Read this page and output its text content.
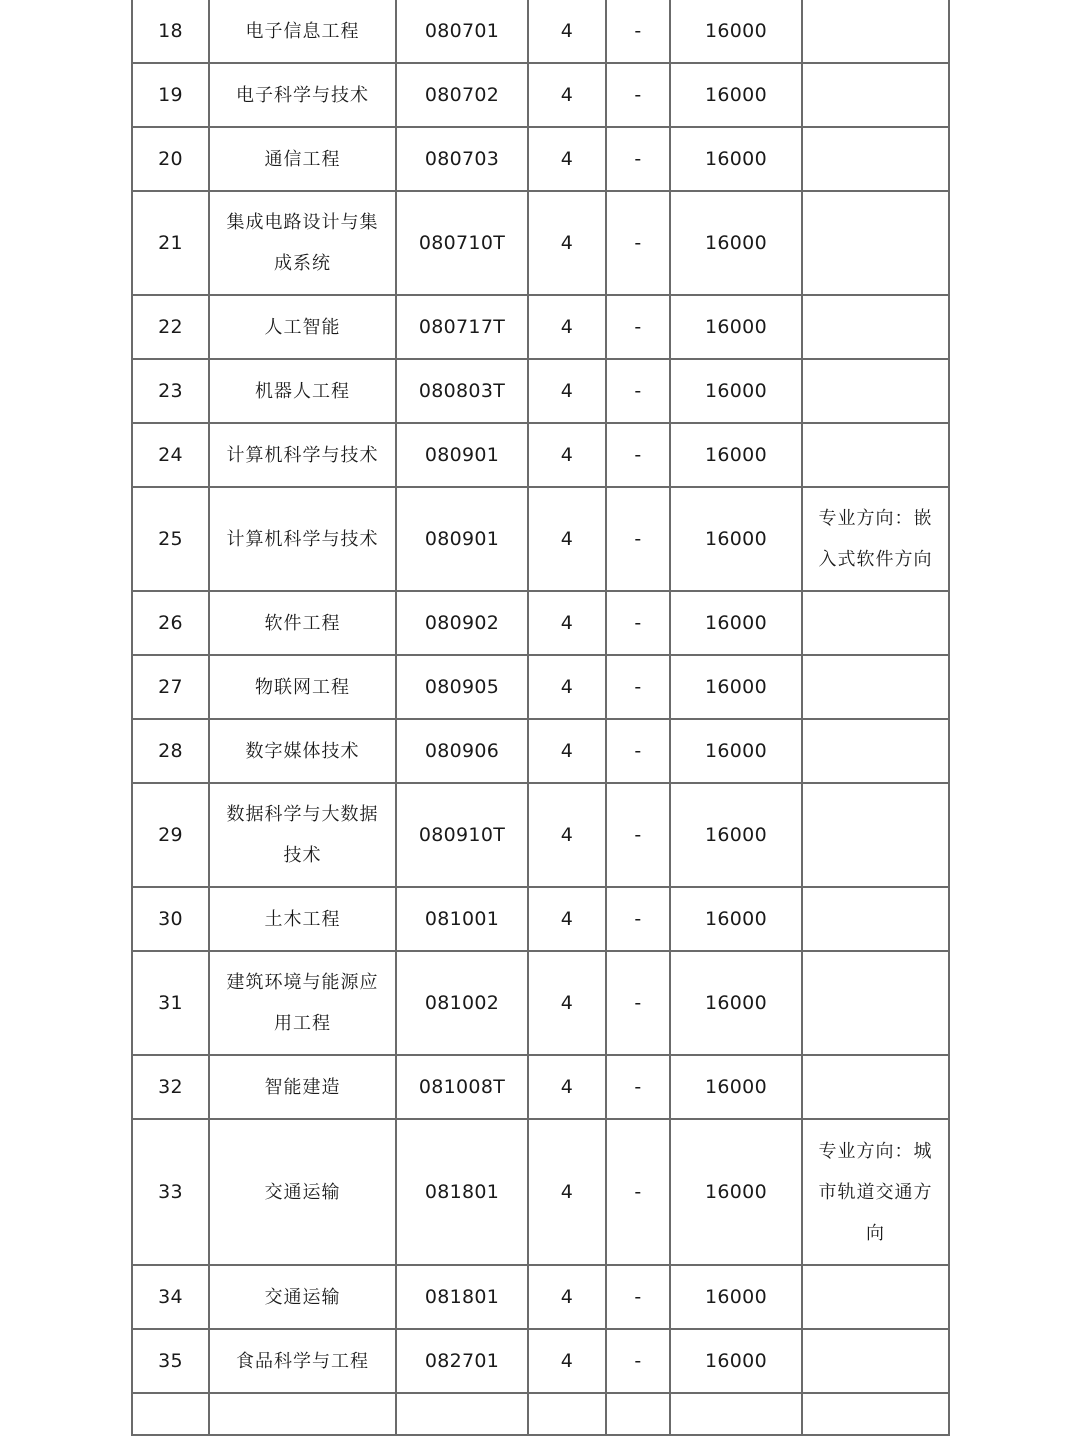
18	电子信息工程	080701	4	-	16000	

19	电子科学与技术	080702	4	-	16000	

20	通信工程	080703	4	-	16000	

21	集成电路设计与集成系统	080710T	4	-	16000	

22	人工智能	080717T	4	-	16000	

23	机器人工程	080803T	4	-	16000	

24	计算机科学与技术	080901	4	-	16000	

25	计算机科学与技术	080901	4	-	16000	专业方向：嵌入式软件方向

26	软件工程	080902	4	-	16000	

27	物联网工程	080905	4	-	16000	

28	数字媒体技术	080906	4	-	16000	

29	数据科学与大数据技术	080910T	4	-	16000	

30	土木工程	081001	4	-	16000	

31	建筑环境与能源应用工程	081002	4	-	16000	

32	智能建造	081008T	4	-	16000	

33	交通运输	081801	4	-	16000	专业方向：城市轨道交通方向

34	交通运输	081801	4	-	16000	

35	食品科学与工程	082701	4	-	16000	
